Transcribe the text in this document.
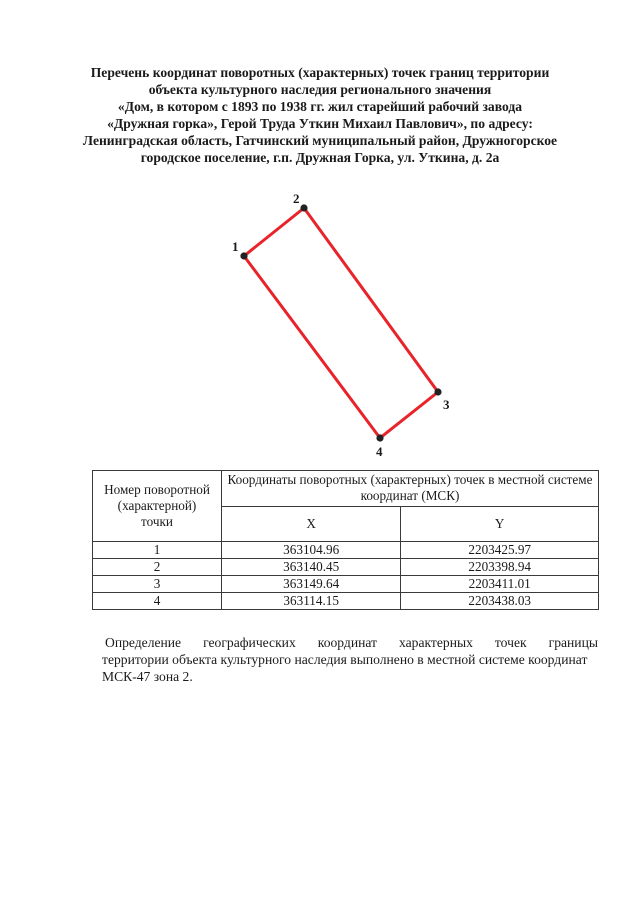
Перечень координат поворотных (характерных) точек границ территории
объекта культурного наследия регионального значения
«Дом, в котором с 1893 по 1938 гг. жил старейший рабочий завода
«Дружная горка», Герой Труда Уткин Михаил Павлович», по адресу:
Ленинградская область, Гатчинский муниципальный район, Дружногорское
городское поселение, г.п. Дружная Горка, ул. Уткина, д. 2а
1
2
3
4
Номер поворотной (характерной) точки	Координаты поворотных (характерных) точек в местной системе координат (МСК)	
	X	Y
1	363104.96	2203425.97
2	363140.45	2203398.94
3	363149.64	2203411.01
4	363114.15	2203438.03
Определение географических координат характерных точек границы
территории объекта культурного наследия выполнено в местной системе координат
МСК-47 зона 2.
